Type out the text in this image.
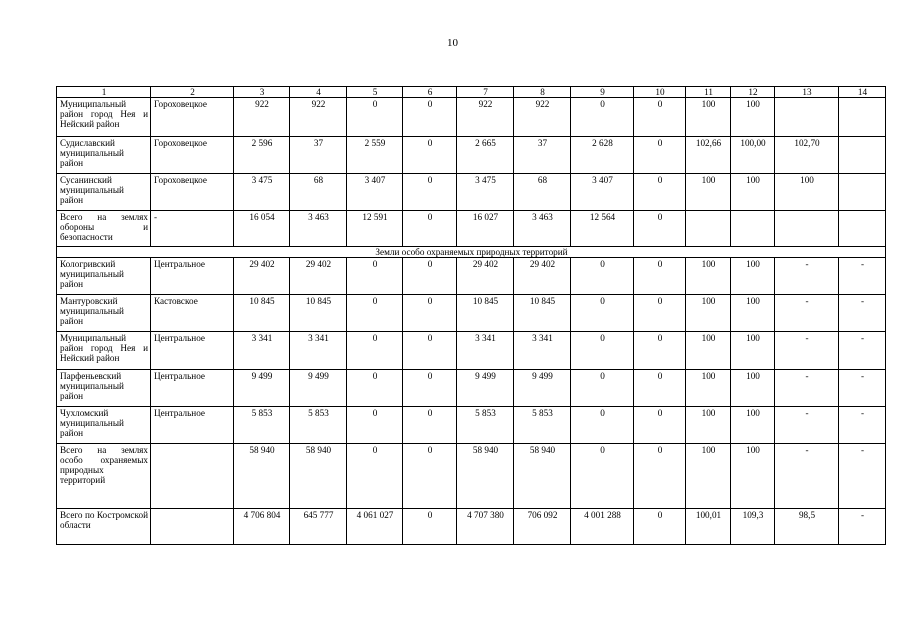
10
1	2	3	4	5	6	7	8	9	10	11	12	13	14
Муниципальный район город Нея и Нейский район	Гороховецкое	922	922	0	0	922	922	0	0	100	100		
Судиславский муниципальный район	Гороховецкое	2 596	37	2 559	0	2 665	37	2 628	0	102,66	100,00	102,70	
Сусанинский муниципальный район	Гороховецкое	3 475	68	3 407	0	3 475	68	3 407	0	100	100	100	
Всего на землях обороны и безопасности	-	16 054	3 463	12 591	0	16 027	3 463	12 564	0				
Земли особо охраняемых природных территорий													
Кологривский муниципальный район	Центральное	29 402	29 402	0	0	29 402	29 402	0	0	100	100	-	-
Мантуровский муниципальный район	Кастовское	10 845	10 845	0	0	10 845	10 845	0	0	100	100	-	-
Муниципальный район город Нея и Нейский район	Центральное	3 341	3 341	0	0	3 341	3 341	0	0	100	100	-	-
Парфеньевский муниципальный район	Центральное	9 499	9 499	0	0	9 499	9 499	0	0	100	100	-	-
Чухломский муниципальный район	Центральное	5 853	5 853	0	0	5 853	5 853	0	0	100	100	-	-
Всего на землях особо охраняемых природных территорий		58 940	58 940	0	0	58 940	58 940	0	0	100	100	-	-
Всего по Костромской области		4 706 804	645 777	4 061 027	0	4 707 380	706 092	4 001 288	0	100,01	109,3	98,5	-
